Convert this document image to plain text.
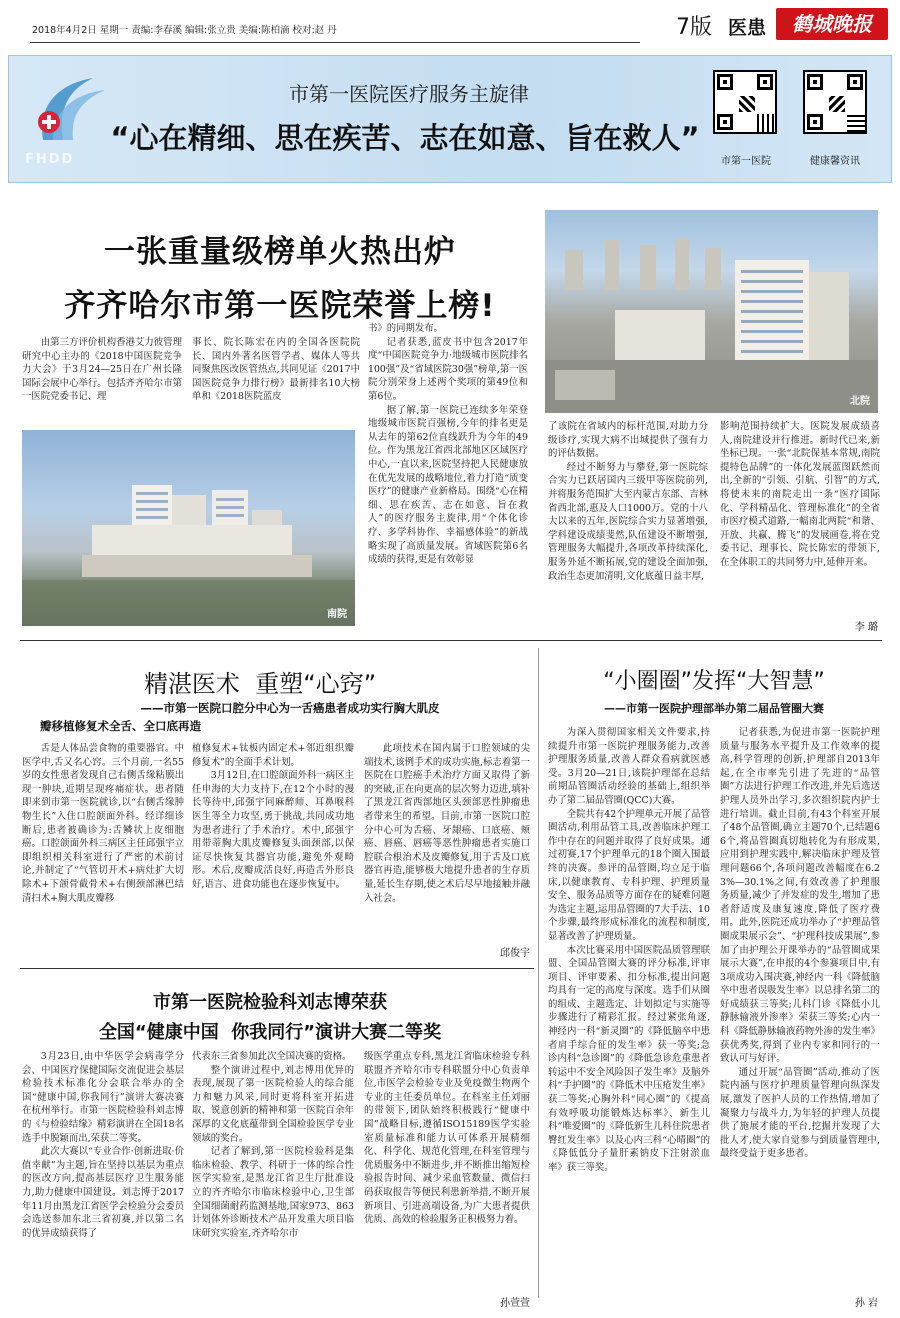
2018年4月2日 星期一 责编:李春溪 编辑:张立贵 美编:陈柏滴 校对:赵 丹	7版 医患	鹤城晚报
FHDD
市第一医院医疗服务主旋律
“心在精细、思在疾苦、志在如意、旨在救人”
市第一医院	健康馨资讯
一张重量级榜单火热出炉
齐齐哈尔市第一医院荣誉上榜!

由第三方评价机构香港艾力彼管理研究中心主办的《2018中国医院竞争力大会》于3月24—25日在广州长隆国际会展中心举行。包括齐齐哈尔市第一医院党委书记、理

事长、院长陈宏在内的全国各医院院长、国内外著名医管学者、媒体人等共同聚焦医改医管热点,共同见证《2017中国医院竞争力排行榜》最新排名10大榜单和《2018医院蓝皮

书》的同期发布。

记者获悉,蓝皮书中包含2017年度“中国医院竞争力·地级城市医院排名100强”及“省域医院30强”榜单,第一医院分别荣身上述两个奖项的第49位和第6位。

据了解,第一医院已连续多年荣登地级城市医院百强榜,今年的排名更是从去年的第62位直线跃升为今年的49位。作为黑龙江省西北部地区区域医疗中心,一直以来,医院坚持把人民健康放在优先发展的战略地位,着力打造“质变医疗”的健康产业新格局。围绕“心在精细、思在疾苦、志在如意、旨在救人”的医疗服务主旋律,用“个体化诊疗、多学科协作、幸福感体验”的新战略实现了高质量发展。省域医院第6名成绩的获得,更是有效彰显

南院
北院

了该院在省域内的标杆范围,对助力分级诊疗,实现大病不出城提供了强有力的评估数据。

经过不断努力与攀登,第一医院综合实力已跃居国内三级甲等医院前列,并将服务范围扩大至内蒙古东部、吉林省西北部,惠及人口1000万。党的十八大以来的五年,医院综合实力显著增强,学科建设成绩斐然,队伍建设不断增强,管理服务大幅提升,各项改革持续深化,服务外延不断拓展,党的建设全面加强,政治生态更加清明,文化底蕴日益丰厚,

影响范围持续扩大。医院发展成绩喜人,南院建设并行推进。新时代已来,新坐标已现。一张“北院保基本常规,南院提特色品牌”的一体化发展蓝图跃然而出,全新的“引领、引航、引智”的方式,将使未来的南院走出一条“医疗国际化、学科精品化、管理标准化”的全省市医疗模式道路,一幅南北两院“和谐、开放、共赢、腾飞”的发展画卷,将在党委书记、理事长、院长陈宏的带领下,在全体职工的共同努力中,延伸开来。

李 璐
精湛医术  重塑“心窍”
——市第一医院口腔分中心为一舌癌患者成功实行胸大肌皮
瓣移植修复术全舌、全口底再造

舌是人体品尝食物的重要器官。中医学中,舌又名心窍。三个月前,一名55岁的女性患者发现自己右侧舌缘粘膜出现一肿块,近期呈现疼痛症状。患者随即来到市第一医院就诊,以“右侧舌缘肿物生长”入住口腔颌面外科。经详细诊断后,患者被确诊为:舌鳞状上皮细胞癌。口腔颌面外科三病区主任邱强宇立即组织相关科室进行了严密的术前讨论,并制定了“气管切开术+病灶扩大切除术+下颌骨截骨术+右侧颈部淋巴结清扫术+胸大肌皮瓣移

植修复术+钛板内固定术+邻近组织瓣修复术”的全面手术计划。

3月12日,在口腔颌面外科一病区主任申海的大力支持下,在12个小时的漫长等待中,邱强宇同麻醉师、耳鼻喉科医生等全力攻坚,勇于挑战,共同成功地为患者进行了手术治疗。术中,邱强宇用带蒂胸大肌皮瓣修复头面颈部,以保证尽快恢复其器官功能,避免外观畸形。术后,皮瓣成活良好,再造舌外形良好,语言、进食功能也在逐步恢复中。

此项技术在国内属于口腔领域的尖端技术,该例手术的成功实施,标志着第一医院在口腔癌手术治疗方面又取得了新的突破,正在向更高的层次努力迈进,填补了黑龙江省西部地区头颈部恶性肿瘤患者带来生的希望。目前,市第一医院口腔分中心可为舌癌、牙龈癌、口底癌、颊癌、唇癌、唇癌等恶性肿瘤患者实施口腔联合根治术及皮瓣修复,用于舌及口底器官再造,能够极大地提升患者的生存质量,延长生存期,使之术后尽早地接触并融入社会。

邱俊宇
市第一医院检验科刘志博荣获
全国“健康中国  你我同行”演讲大赛二等奖

3月23日,由中华医学会病毒学分会、中国医疗保健国际交流促进会基层检验技术标准化分会联合举办的全国“健康中国,你我同行”演讲大赛决赛在杭州举行。市第一医院检验科刘志博的《与检验结缘》精彩演讲在全国18名选手中脱颖而出,荣获二等奖。

此次大赛以“专业合作·创新进取·价值幸献”为主题,旨在坚持以基层为重点的医改方向,提高基层医疗卫生服务能力,助力健康中国建设。刘志博于2017年11月由黑龙江省医学会检验分会委员会选送参加东北三省初赛,并以第二名的优异成绩获得了

代表东三省参加此次全国决赛的资格。

整个演讲过程中,刘志博用优异的表现,展现了第一医院检验人的综合能力和魅力风采,同时更将科室开拓进取、锐意创新的精神和第一医院百余年深厚的文化底蕴带到全国检验医学专业领域的奖台。

记者了解到,第一医院检验科是集临床检验、教学、科研于一体的综合性医学实验室,是黑龙江省卫生厅批准设立的齐齐哈尔市临床检验中心,卫生部全国细菌耐药监测基地,国家973、863计划体外诊断技术产品开发重大项目临床研究实验室,齐齐哈尔市

级医学重点专科,黑龙江省临床检验专科联盟齐齐哈尔市专科联盟分中心负责单位,市医学会检验专业及免疫微生物两个专业的主任委员单位。在科室主任刘丽的带领下,团队始终积极践行“健康中国”战略目标,遵循ISO15189医学实验室质量标准和能力认可体系开展精细化、科学化、规范化管理,在科室管理与优质服务中不断进步,并不断推出缩短检验报告时间、减少采血管数量、微信扫码获取报告等便民利患新举措,不断开展新项目、引进高端设备,为广大患者提供优质、高效的检验服务正积极努力着。

孙萱萱
“小圈圈”发挥“大智慧”
——市第一医院护理部举办第二届品管圈大赛

为深入贯彻国家相关文件要求,持续提升市第一医院护理服务能力,改善护理服务质量,改善人群众看病就医感受。3月20—21日,该院护理部在总结前期品管圈活动经验的基础上,组织举办了第二届品管圈(QCC)大赛。

全院共有42个护理单元开展了品管圈活动,利用品管工具,改善临床护理工作中存在的问题并取得了良好成果。通过初赛,17个护理单元的18个圈入围最终的决赛。参评的品管圈,均立足于临床,以健康教育、专科护理、护理质量安全、服务品质等方面存在的疑难问题为选定主题,运用品管圈的7大手法、10个步骤,最终形成标准化的流程和制度,显著改善了护理质量。

本次比赛采用中国医院品质管理联盟、全国品管圈大赛的评分标准,评审项目、评审要素、扣分标准,提出问题均具有一定的高度与深度。选手们从圈的组成、主题选定、计划拟定与实施等步骤进行了精彩汇报。经过紧张角逐,神经内一科“新灵圈”的《降低脑卒中患者肩手综合征的发生率》获一等奖;急诊内科“急诊圈”的《降低急诊危重患者转运中不安全风险因子发生率》及脑外科“手护圈”的《降低术中压疮发生率》获二等奖;心胸外科“同心圈”的《提高有效呼吸功能锻炼达标率》、新生儿科“唯爱圈”的《降低新生儿科住院患者臀红发生率》以及心内三科“心晴圈”的《降低低分子量肝素钠皮下注射淤血率》获三等奖。

记者获悉,为促进市第一医院护理质量与服务水平提升及工作效率的提高,科学管理的创新,护理部自2013年起,在全市率先引进了先进的“品管圈”方法进行护理工作改进,并先后选送护理人员外出学习,多次组织院内护士进行培训。截止目前,有43个科室开展了48个品管圈,确立主题70个,已结题66个,将品管圈真切地转化为有形成果,应用到护理实践中,解决临床护理及管理问题66个,各项问题改善幅度在6.23%—30.1%之间,有效改善了护理服务质量,减少了并发症的发生,增加了患者舒适度及康复速度,降低了医疗费用。此外,医院还成功举办了“护理品管圈成果展示会”、“护理科技成果展”,参加了由护理公开课举办的“品管圈成果展示大赛”,在申报的4个参赛项目中,有3项成功入围决赛,神经内一科《降低脑卒中患者误吸发生率》以总排名第二的好成绩获三等奖;儿科门诊《降低小儿静脉输液外渗率》荣获三等奖;心内一科《降低静脉输液药物外渗的发生率》获优秀奖,得到了业内专家和同行的一致认可与好评。

通过开展“品管圈”活动,推动了医院内涵与医疗护理质量管理向纵深发展,激发了医护人员的工作热情,增加了凝聚力与战斗力,为年轻的护理人员提供了施展才能的平台,挖掘并发现了大批人才,使大家自觉参与到质量管理中,最终受益于更多患者。

孙 岩
